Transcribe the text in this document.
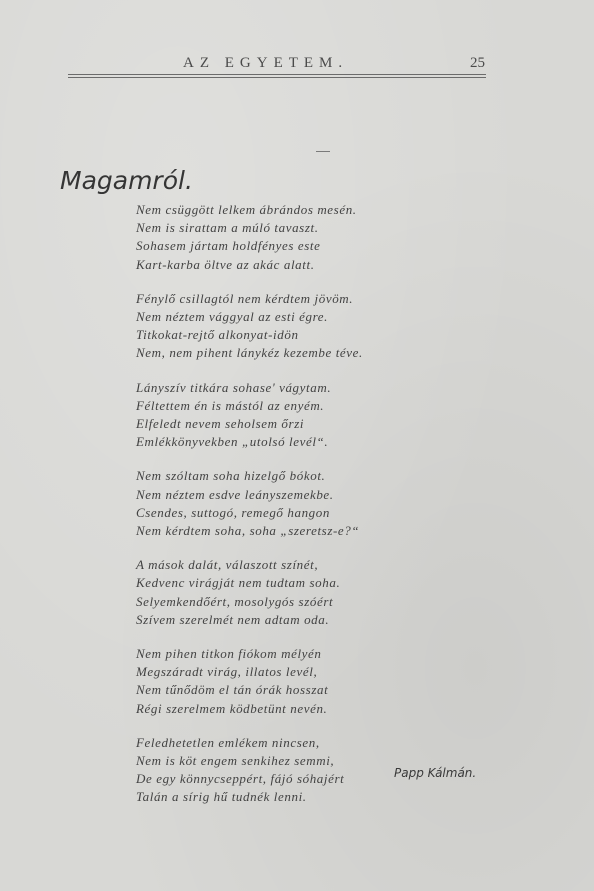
AZ EGYETEM.	25
Magamról.
Nem csüggött lelkem ábrándos mesén.
Nem is sirattam a múló tavaszt.
Sohasem jártam holdfényes este
Kart-karba öltve az akác alatt.
Fénylő csillagtól nem kérdtem jövöm.
Nem néztem vággyal az esti égre.
Titkokat-rejtő alkonyat-idön
Nem, nem pihent lánykéz kezembe téve.
Lányszív titkára sohase' vágytam.
Féltettem én is mástól az enyém.
Elfeledt nevem seholsem őrzi
Emlékkönyvekben „utolsó levél“.
Nem szóltam soha hizelgő bókot.
Nem néztem esdve leányszemekbe.
Csendes, suttogó, remegő hangon
Nem kérdtem soha, soha „szeretsz-e?“
A mások dalát, válaszott színét,
Kedvenc virágját nem tudtam soha.
Selyemkendőért, mosolygós szóért
Szívem szerelmét nem adtam oda.
Nem pihen titkon fiókom mélyén
Megszáradt virág, illatos levél,
Nem tűnődöm el tán órák hosszat
Régi szerelmem ködbetünt nevén.
Feledhetetlen emlékem nincsen,
Nem is köt engem senkihez semmi,
De egy könnycseppért, fájó sóhajért
Talán a sírig hű tudnék lenni.
Papp Kálmán.
